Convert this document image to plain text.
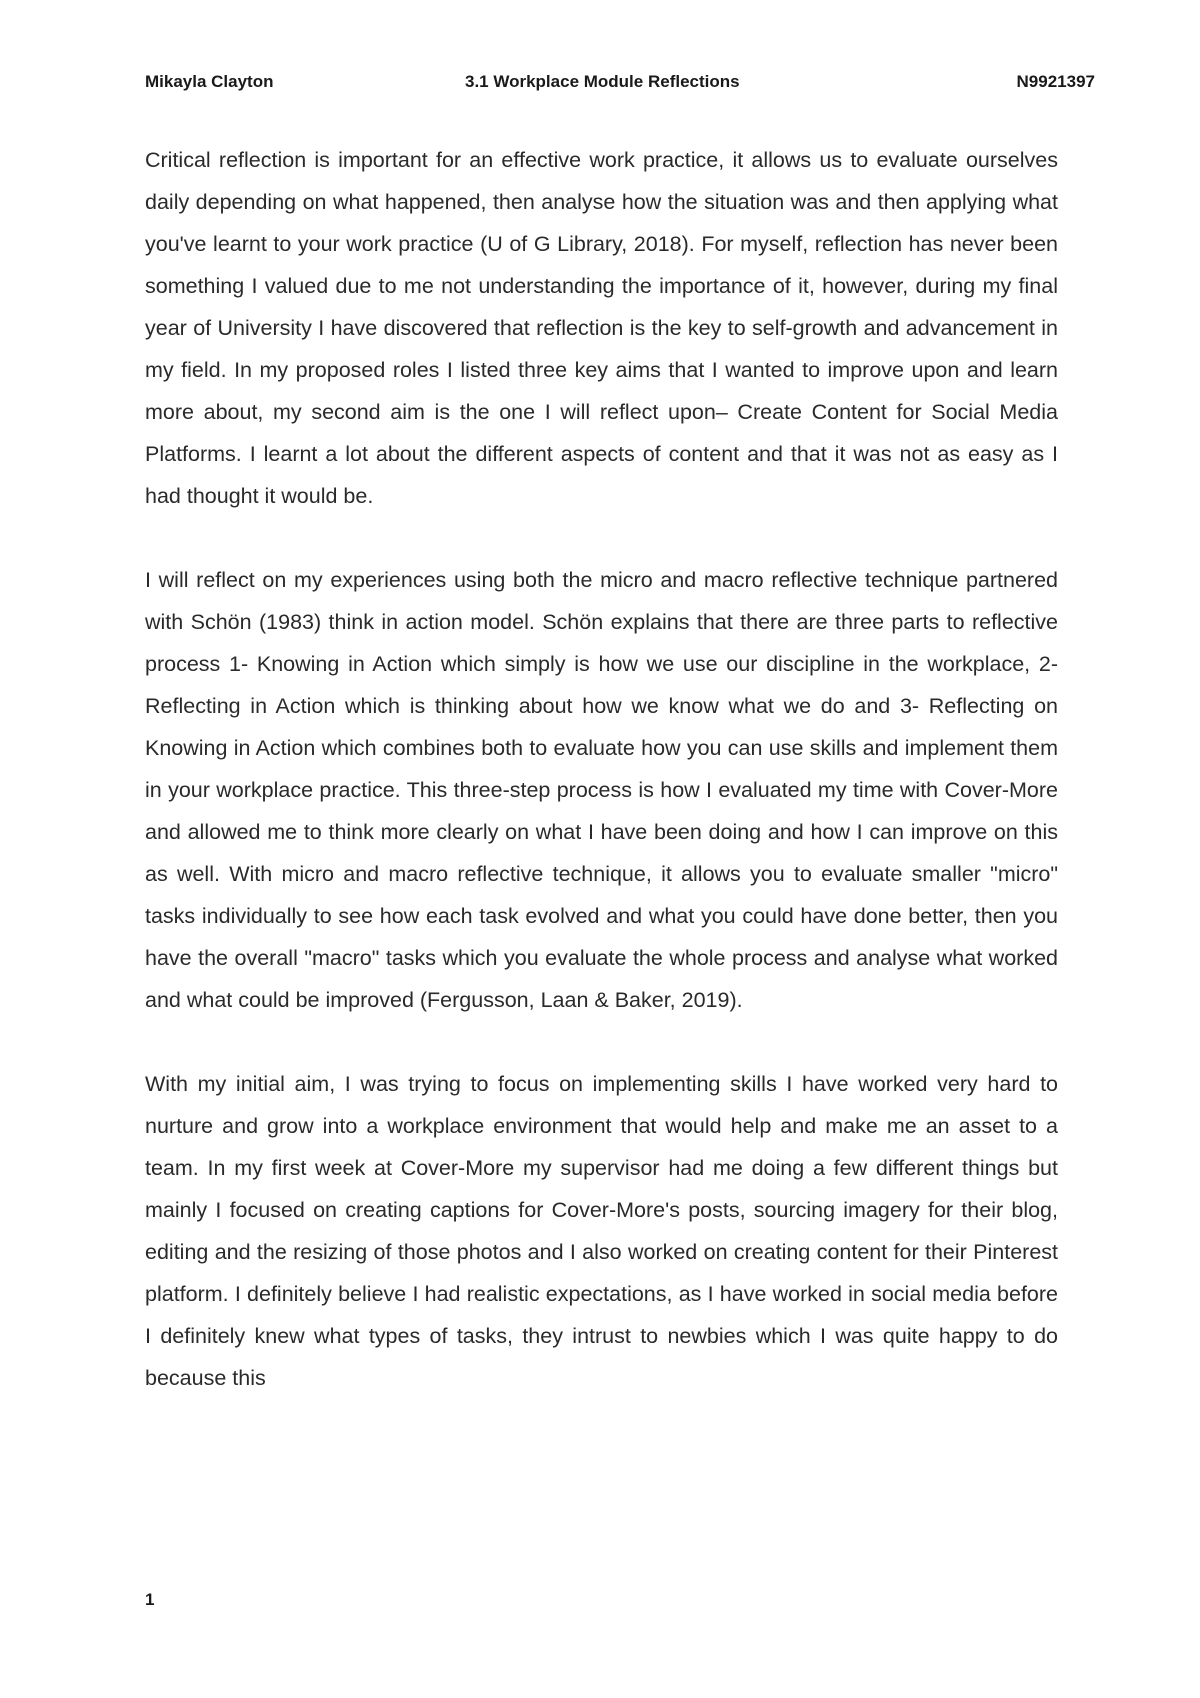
Mikayla Clayton	3.1 Workplace Module Reflections	N9921397

Critical reflection is important for an effective work practice, it allows us to evaluate ourselves daily depending on what happened, then analyse how the situation was and then applying what you've learnt to your work practice (U of G Library, 2018). For myself, reflection has never been something I valued due to me not understanding the importance of it, however, during my final year of University I have discovered that reflection is the key to self-growth and advancement in my field. In my proposed roles I listed three key aims that I wanted to improve upon and learn more about, my second aim is the one I will reflect upon– Create Content for Social Media Platforms. I learnt a lot about the different aspects of content and that it was not as easy as I had thought it would be.

I will reflect on my experiences using both the micro and macro reflective technique partnered with Schön (1983) think in action model. Schön explains that there are three parts to reflective process 1- Knowing in Action which simply is how we use our discipline in the workplace, 2- Reflecting in Action which is thinking about how we know what we do and 3- Reflecting on Knowing in Action which combines both to evaluate how you can use skills and implement them in your workplace practice. This three-step process is how I evaluated my time with Cover-More and allowed me to think more clearly on what I have been doing and how I can improve on this as well. With micro and macro reflective technique, it allows you to evaluate smaller "micro" tasks individually to see how each task evolved and what you could have done better, then you have the overall "macro" tasks which you evaluate the whole process and analyse what worked and what could be improved (Fergusson, Laan & Baker, 2019).

With my initial aim, I was trying to focus on implementing skills I have worked very hard to nurture and grow into a workplace environment that would help and make me an asset to a team. In my first week at Cover-More my supervisor had me doing a few different things but mainly I focused on creating captions for Cover-More's posts, sourcing imagery for their blog, editing and the resizing of those photos and I also worked on creating content for their Pinterest platform. I definitely believe I had realistic expectations, as I have worked in social media before I definitely knew what types of tasks, they intrust to newbies which I was quite happy to do because this

1
